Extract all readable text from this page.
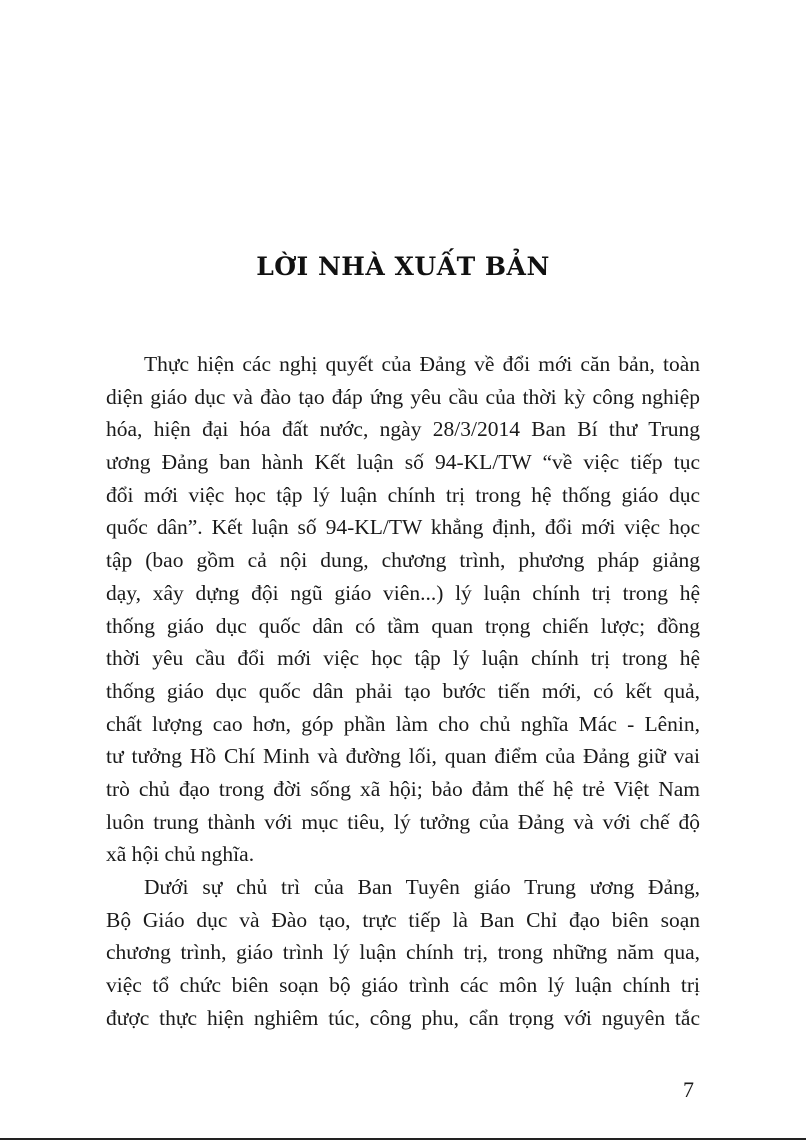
LỜI NHÀ XUẤT BẢN
Thực hiện các nghị quyết của Đảng về đổi mới căn bản, toàn
diện giáo dục và đào tạo đáp ứng yêu cầu của thời kỳ công nghiệp
hóa, hiện đại hóa đất nước, ngày 28/3/2014 Ban Bí thư Trung
ương Đảng ban hành Kết luận số 94-KL/TW “về việc tiếp tục
đổi mới việc học tập lý luận chính trị trong hệ thống giáo dục
quốc dân”. Kết luận số 94-KL/TW khẳng định, đổi mới việc học
tập (bao gồm cả nội dung, chương trình, phương pháp giảng
dạy, xây dựng đội ngũ giáo viên...) lý luận chính trị trong hệ
thống giáo dục quốc dân có tầm quan trọng chiến lược; đồng
thời yêu cầu đổi mới việc học tập lý luận chính trị trong hệ
thống giáo dục quốc dân phải tạo bước tiến mới, có kết quả,
chất lượng cao hơn, góp phần làm cho chủ nghĩa Mác - Lênin,
tư tưởng Hồ Chí Minh và đường lối, quan điểm của Đảng giữ vai
trò chủ đạo trong đời sống xã hội; bảo đảm thế hệ trẻ Việt Nam
luôn trung thành với mục tiêu, lý tưởng của Đảng và với chế độ
xã hội chủ nghĩa.
Dưới sự chủ trì của Ban Tuyên giáo Trung ương Đảng,
Bộ Giáo dục và Đào tạo, trực tiếp là Ban Chỉ đạo biên soạn
chương trình, giáo trình lý luận chính trị, trong những năm qua,
việc tổ chức biên soạn bộ giáo trình các môn lý luận chính trị
được thực hiện nghiêm túc, công phu, cẩn trọng với nguyên tắc
7
